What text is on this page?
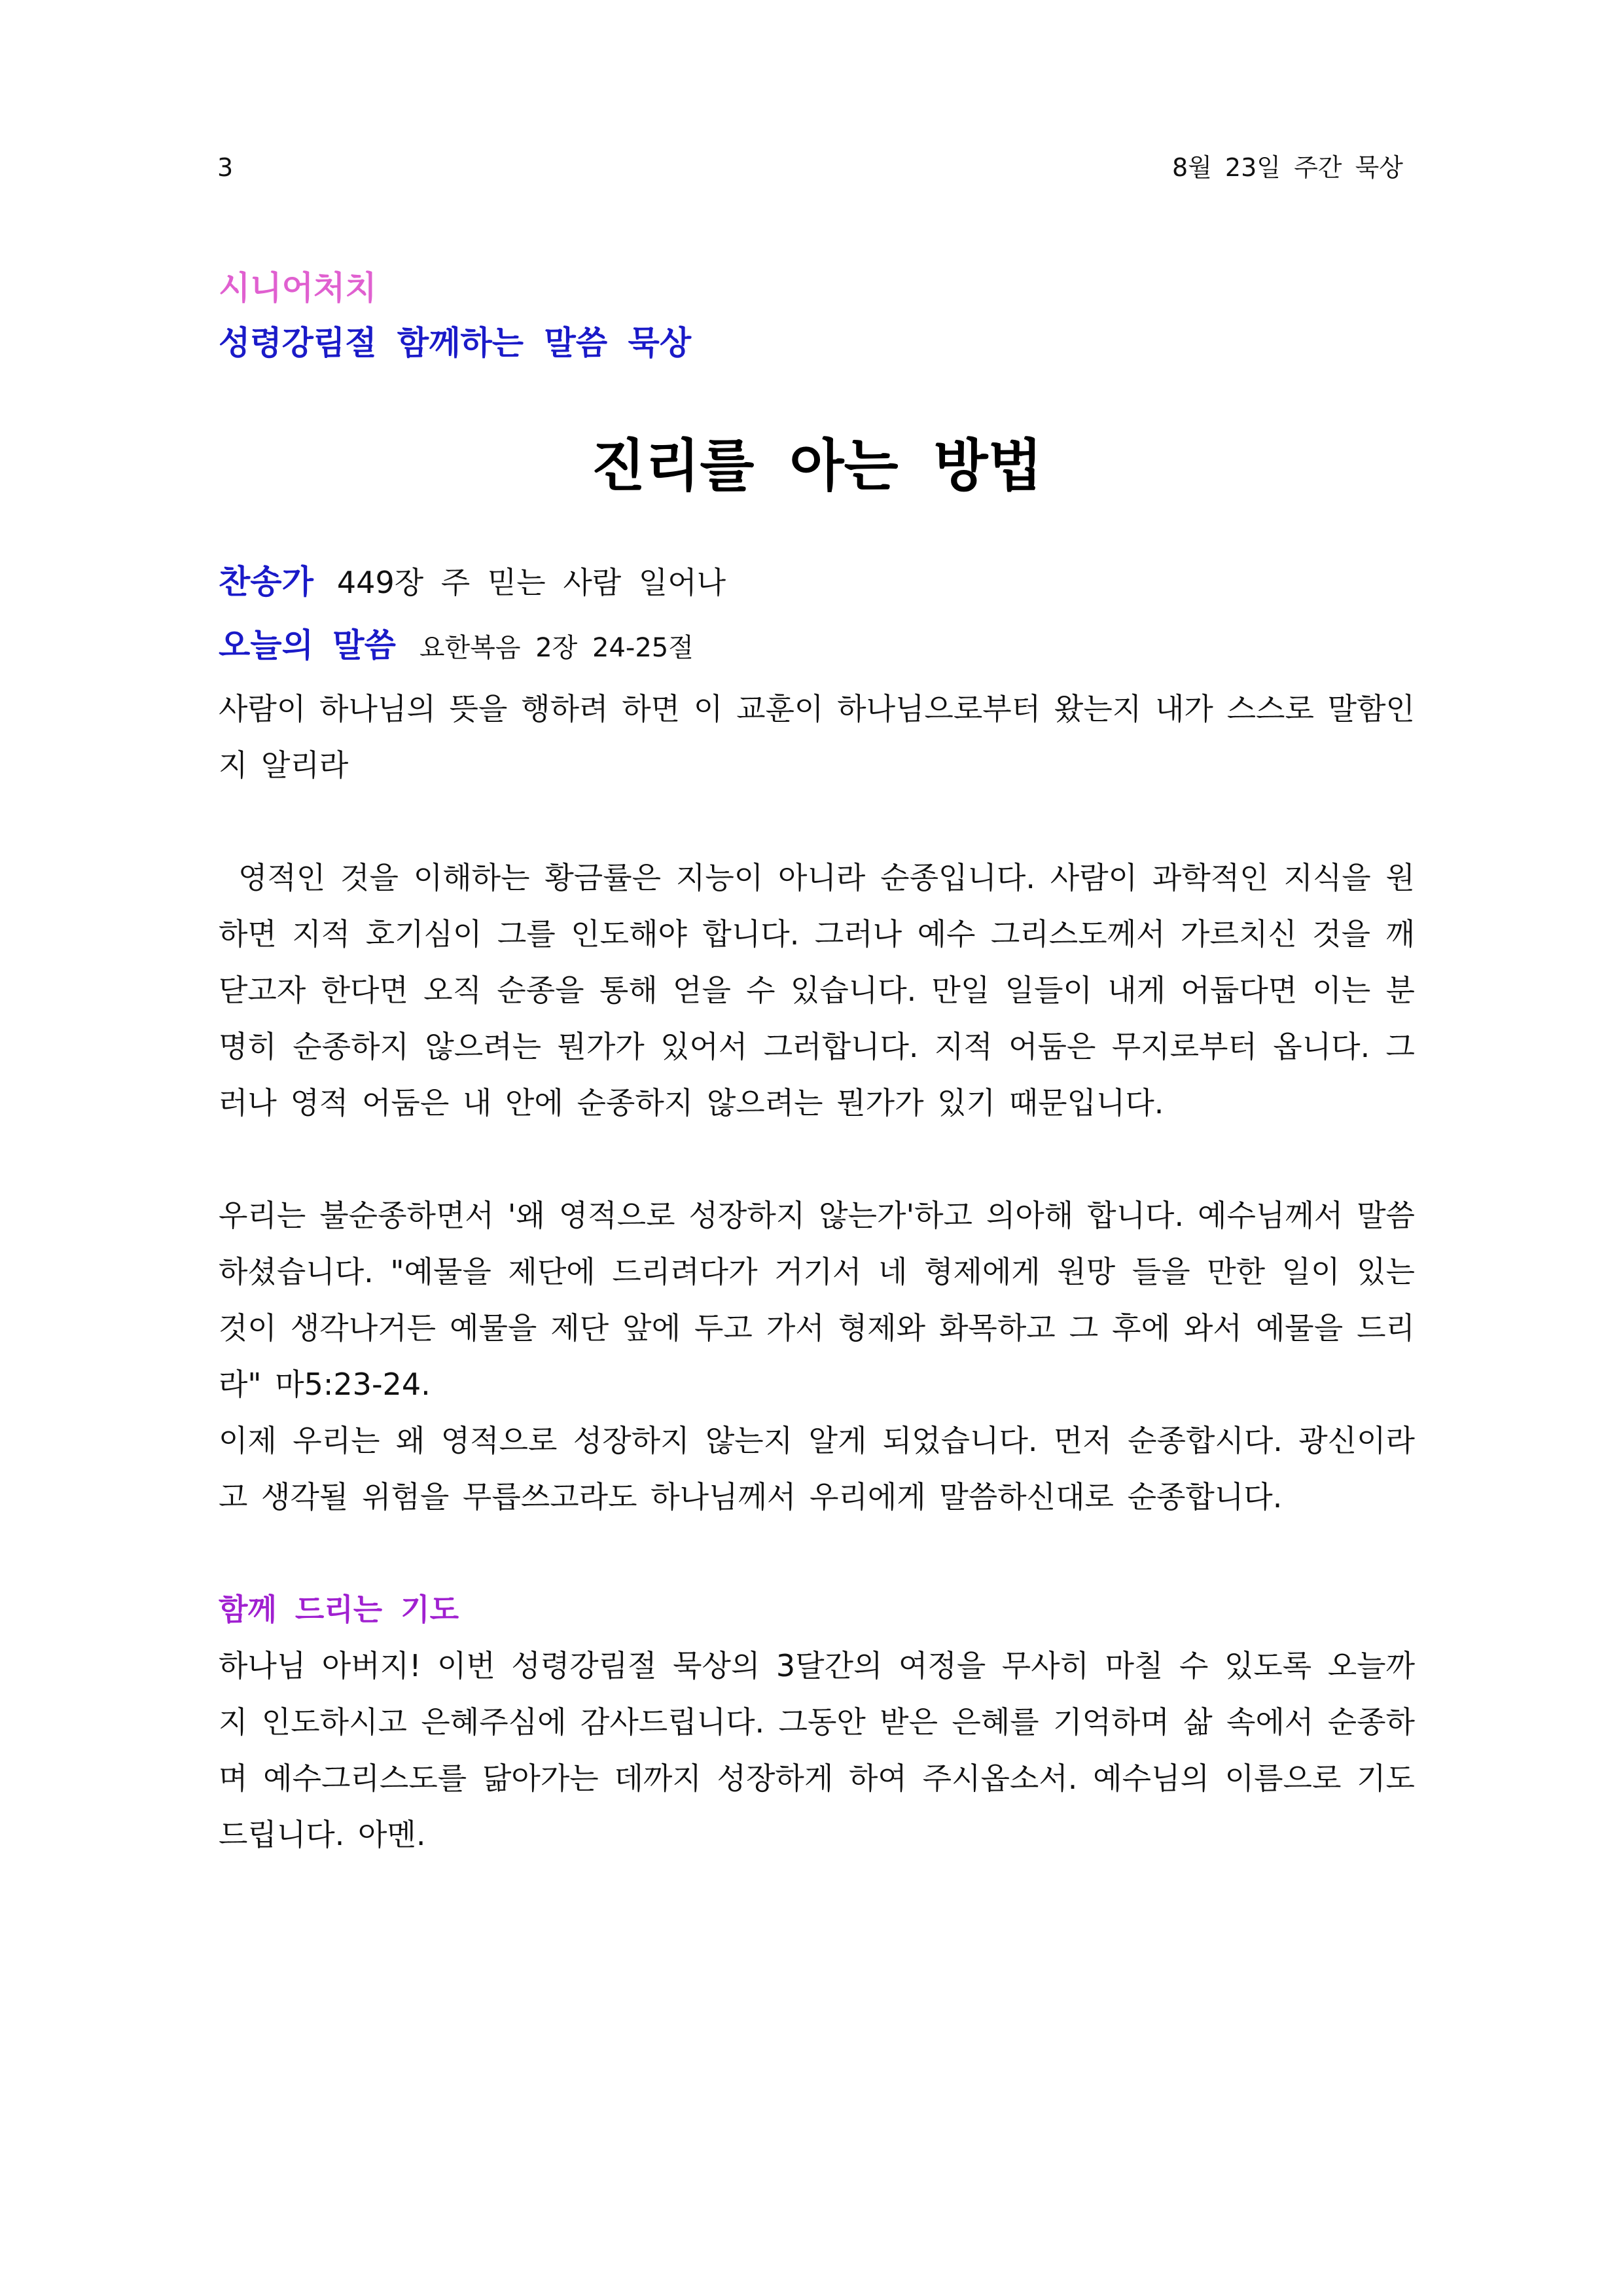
3	8월 23일 주간 묵상

시니어처치

성령강림절 함께하는 말씀 묵상

진리를 아는 방법

찬송가 449장 주 믿는 사람 일어나

오늘의 말씀 요한복음 2장 24-25절

사람이 하나님의 뜻을 행하려 하면 이 교훈이 하나님으로부터 왔는지 내가 스스로 말함인지 알리라

영적인 것을 이해하는 황금률은 지능이 아니라 순종입니다. 사람이 과학적인 지식을 원하면 지적 호기심이 그를 인도해야 합니다. 그러나 예수 그리스도께서 가르치신 것을 깨닫고자 한다면 오직 순종을 통해 얻을 수 있습니다. 만일 일들이 내게 어둡다면 이는 분명히 순종하지 않으려는 뭔가가 있어서 그러합니다. 지적 어둠은 무지로부터 옵니다. 그러나 영적 어둠은 내 안에 순종하지 않으려는 뭔가가 있기 때문입니다.

우리는 불순종하면서 '왜 영적으로 성장하지 않는가'하고 의아해 합니다. 예수님께서 말씀하셨습니다. "예물을 제단에 드리려다가 거기서 네 형제에게 원망 들을 만한 일이 있는 것이 생각나거든 예물을 제단 앞에 두고 가서 형제와 화목하고 그 후에 와서 예물을 드리라" 마5:23-24.

이제 우리는 왜 영적으로 성장하지 않는지 알게 되었습니다. 먼저 순종합시다. 광신이라고 생각될 위험을 무릅쓰고라도 하나님께서 우리에게 말씀하신대로 순종합니다.

함께 드리는 기도

하나님 아버지! 이번 성령강림절 묵상의 3달간의 여정을 무사히 마칠 수 있도록 오늘까지 인도하시고 은혜주심에 감사드립니다. 그동안 받은 은혜를 기억하며 삶 속에서 순종하며 예수그리스도를 닮아가는 데까지 성장하게 하여 주시옵소서. 예수님의 이름으로 기도드립니다. 아멘.
